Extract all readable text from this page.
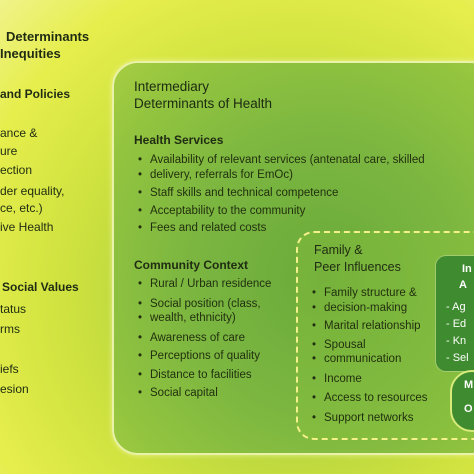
Determinants
Inequities
and Policies
ance &
ure
ection
der equality,
ce, etc.)
ive Health
Social Values
tatus
rms
iefs
esion
Intermediary
Determinants of Health
Health Services
• Availability of relevant services (antenatal care, skilled
• delivery, referrals for EmOc)
• Staff skills and technical competence
• Acceptability to the community
• Fees and related costs
Community Context
• Rural / Urban residence
• Social position (class,
• wealth, ethnicity)
• Awareness of care
• Perceptions of quality
• Distance to facilities
• Social capital
Family &
Peer Influences
• Family structure &
• decision-making
• Marital relationship
• Spousal
• communication
• Income
• Access to resources
• Support networks
In
A
- Ag
- Ed
- Kn
- Sel
M
O
